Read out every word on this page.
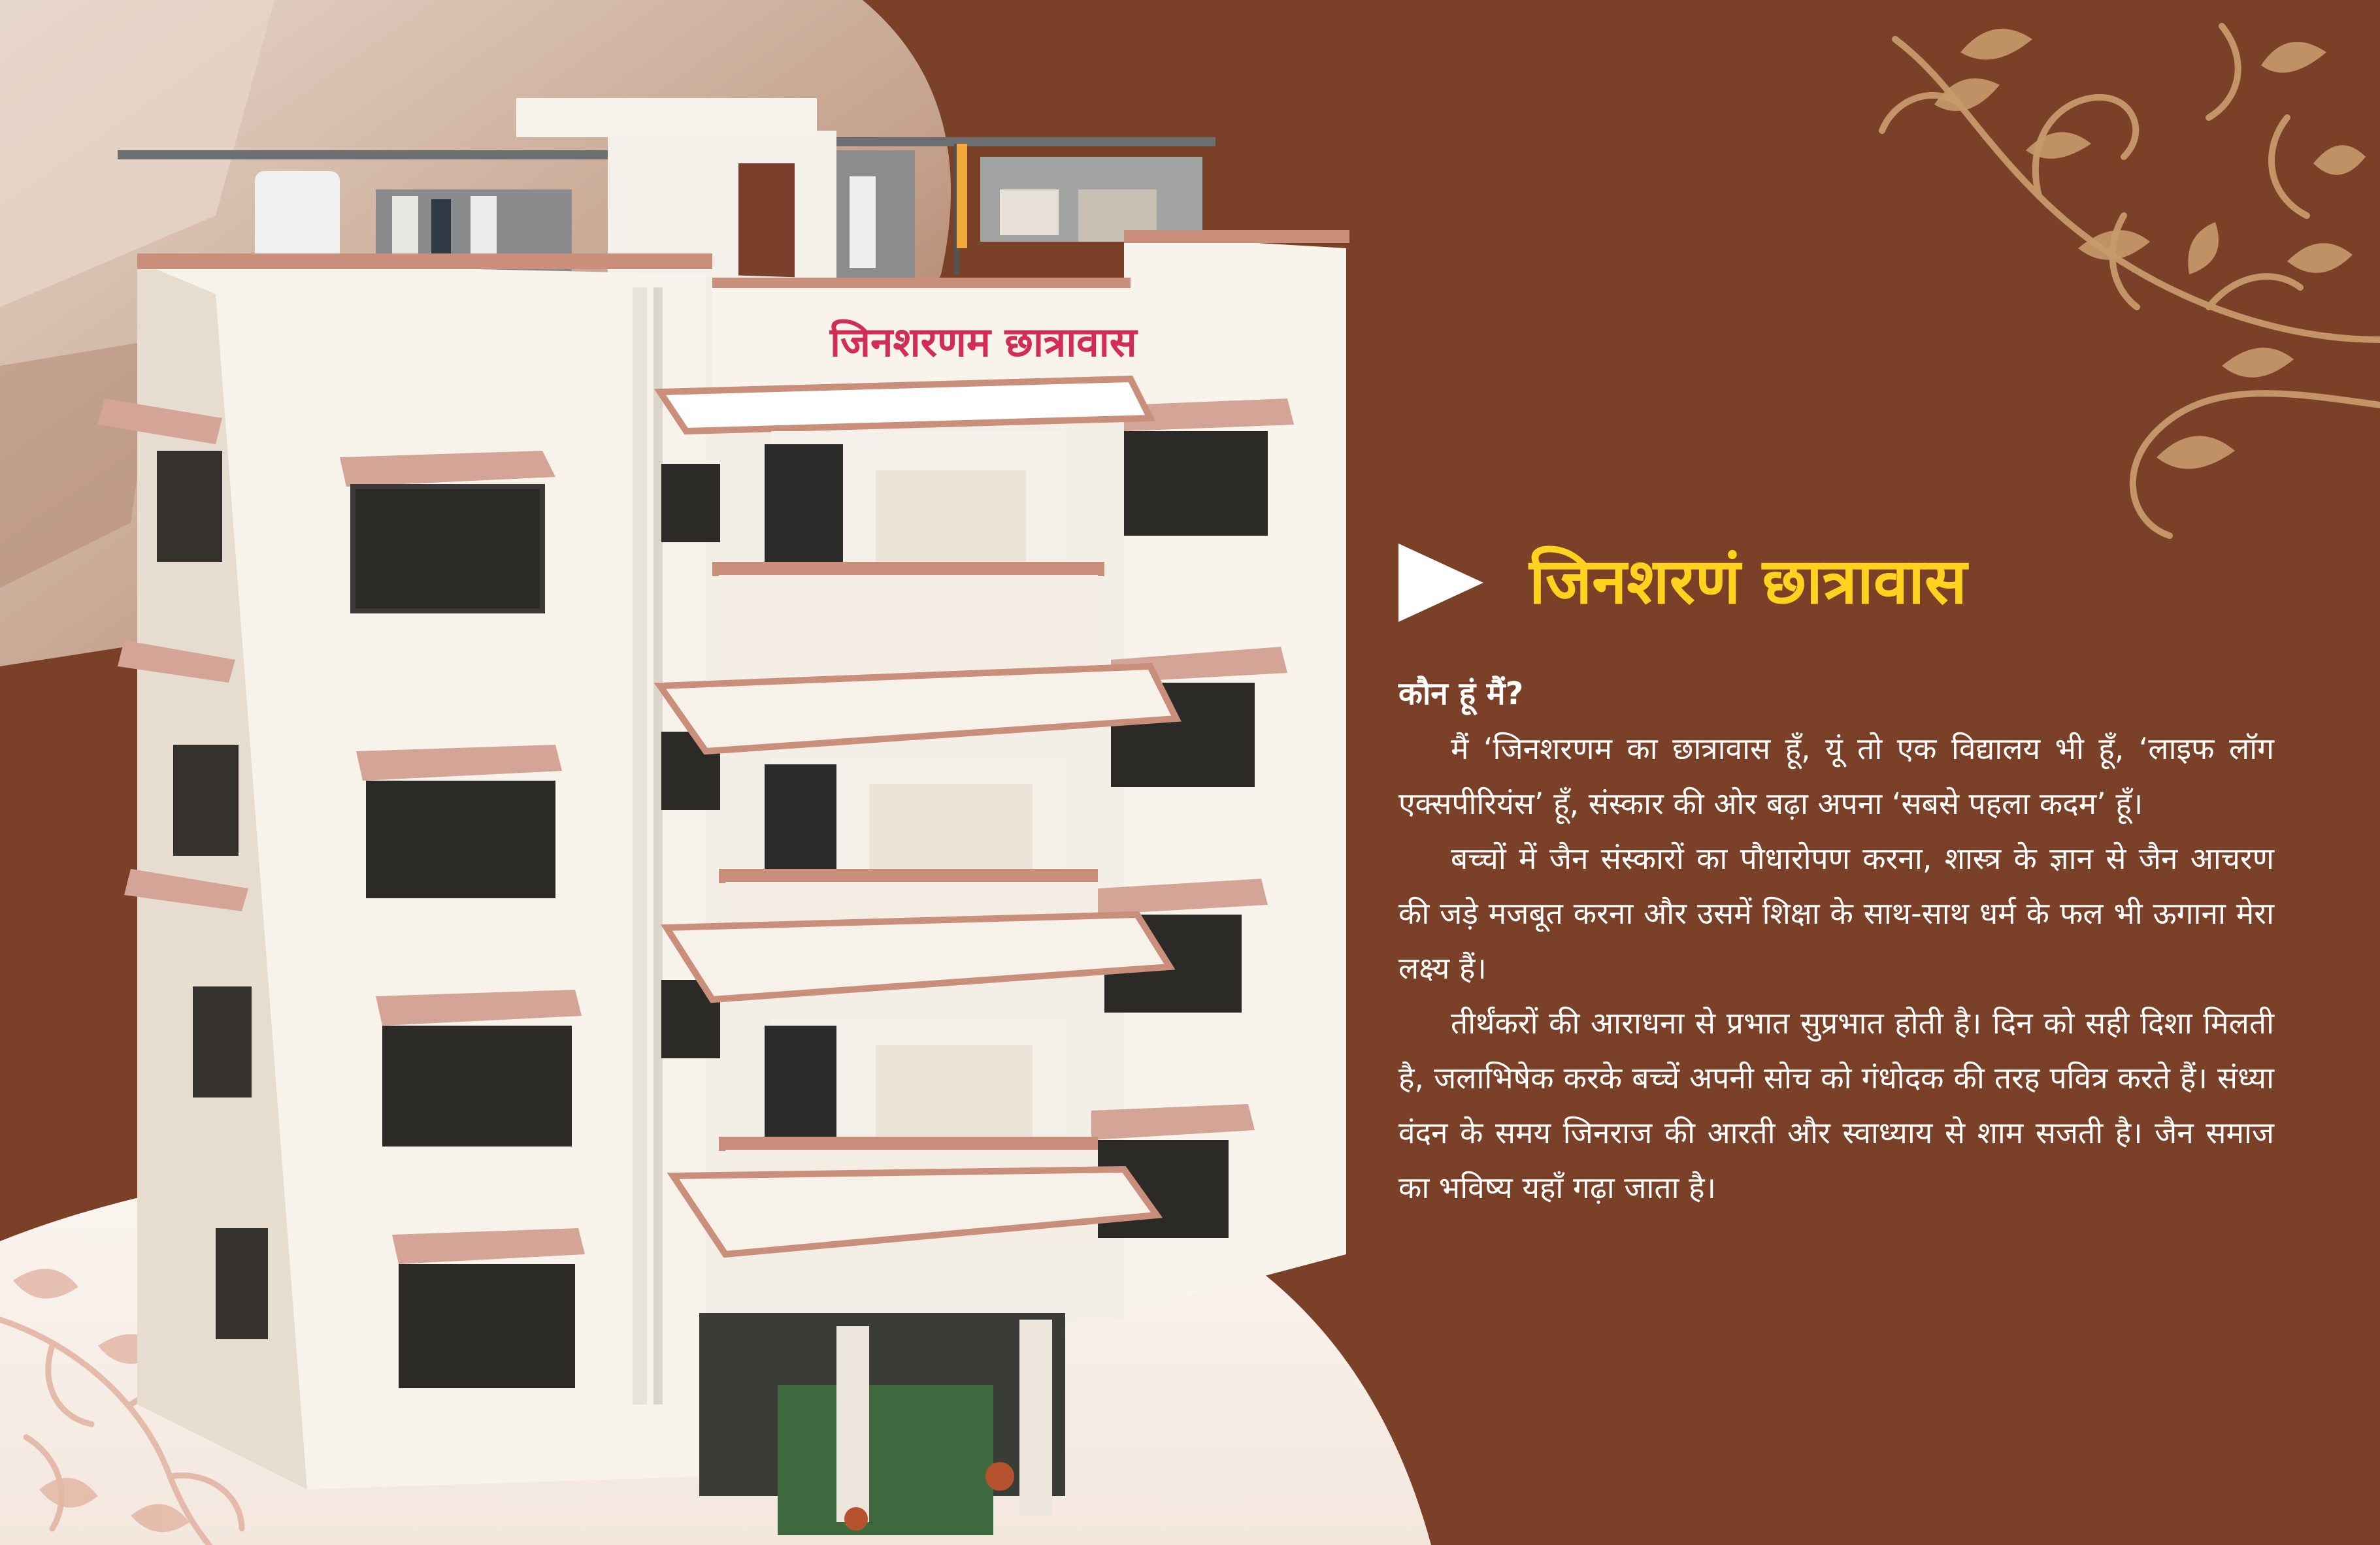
जिनशरणम छात्रावास
जिनशरणं छात्रावास

कौन हूं मैं?

मैं ‘जिनशरणम का छात्रावास हूँ, यूं तो एक विद्यालय भी हूँ, ‘लाइफ लॉग एक्सपीरियंस’ हूँ, संस्कार की ओर बढ़ा अपना ‘सबसे पहला कदम’ हूँ।

बच्चों में जैन संस्कारों का पौधारोपण करना, शास्त्र के ज्ञान से जैन आचरण की जड़े मजबूत करना और उसमें शिक्षा के साथ-साथ धर्म के फल भी ऊगाना मेरा लक्ष्य हैं।

तीर्थंकरों की आराधना से प्रभात सुप्रभात होती है। दिन को सही दिशा मिलती है, जलाभिषेक करके बच्चें अपनी सोच को गंधोदक की तरह पवित्र करते हैं। संध्या वंदन के समय जिनराज की आरती और स्वाध्याय से शाम सजती है। जैन समाज का भविष्य यहाँ गढ़ा जाता है।
